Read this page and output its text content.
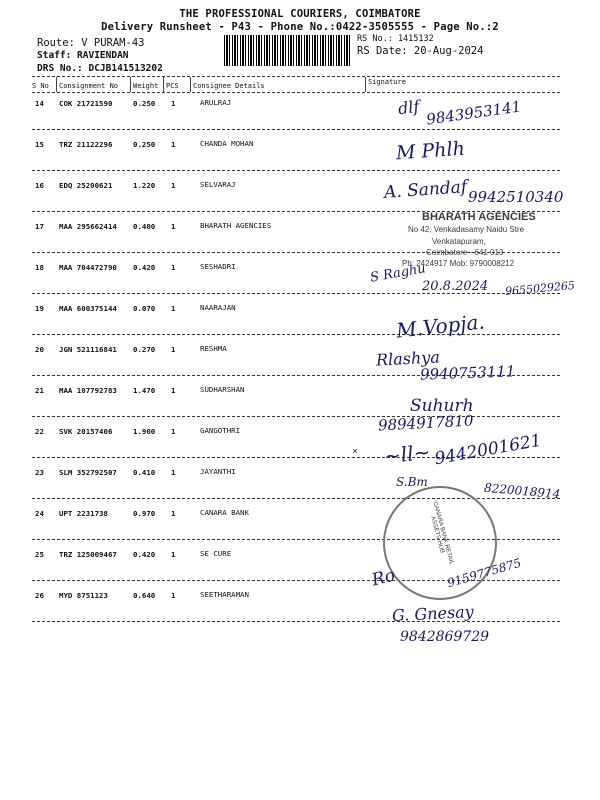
THE PROFESSIONAL COURIERS, COIMBATORE
Delivery Runsheet - P43 - Phone No.:0422-3505555 - Page No.:2
Route: V PURAM-43
Staff: RAVIENDAN
DRS No.: DCJB141513202
RS No.: 1415132
RS Date: 20-Aug-2024
S No Consignment No Weight PCS Consignee Details	Signature
14 COK 21721590	0.250 1	ARULRAJ
15 TRZ 21122296	0.250 1	CHANDA MOHAN
16 EDQ 25200621	1.220 1	SELVARAJ
17 MAA 295662414 0.400 1	BHARATH AGENCIES
18 MAA 704472790 0.420 1	SESHADRI
19 MAA 600375144 0.070 1	NAARAJAN
20 JGN 521116841 0.270 1	RESHMA
21 MAA 107792783 1.470 1	SUDHARSHAN
22 SVK 20157406	1.900 1	GANGOTHRI
23 SLM 352792507 0.410 1	JAYANTHI
24 UPT 2231738	0.970 1	CANARA BANK
25 TRZ 125009467 0.420 1	SE CURE
26 MYD 8751123	0.640 1	SEETHARAMAN
dlf 9843953141
M Phlh
A. Sandaf 9942510340
BHARATH AGENCIES
No 42, Venkadasamy Naidu Stre
Venkatapuram,
Coimbatore - 641 013
Ph: 2424917 Mob: 9790008212
S Raghu
20.8.2024 9655029265
M.Vopja.
Rlashya
9940753111
Suhurh
9894917810
× ~ll~ 9442001621
S.Bm	8220018914
CANARA BANK RETAIL ASSETS HUB
Ro	9159775875
G. Gnesay
9842869729
